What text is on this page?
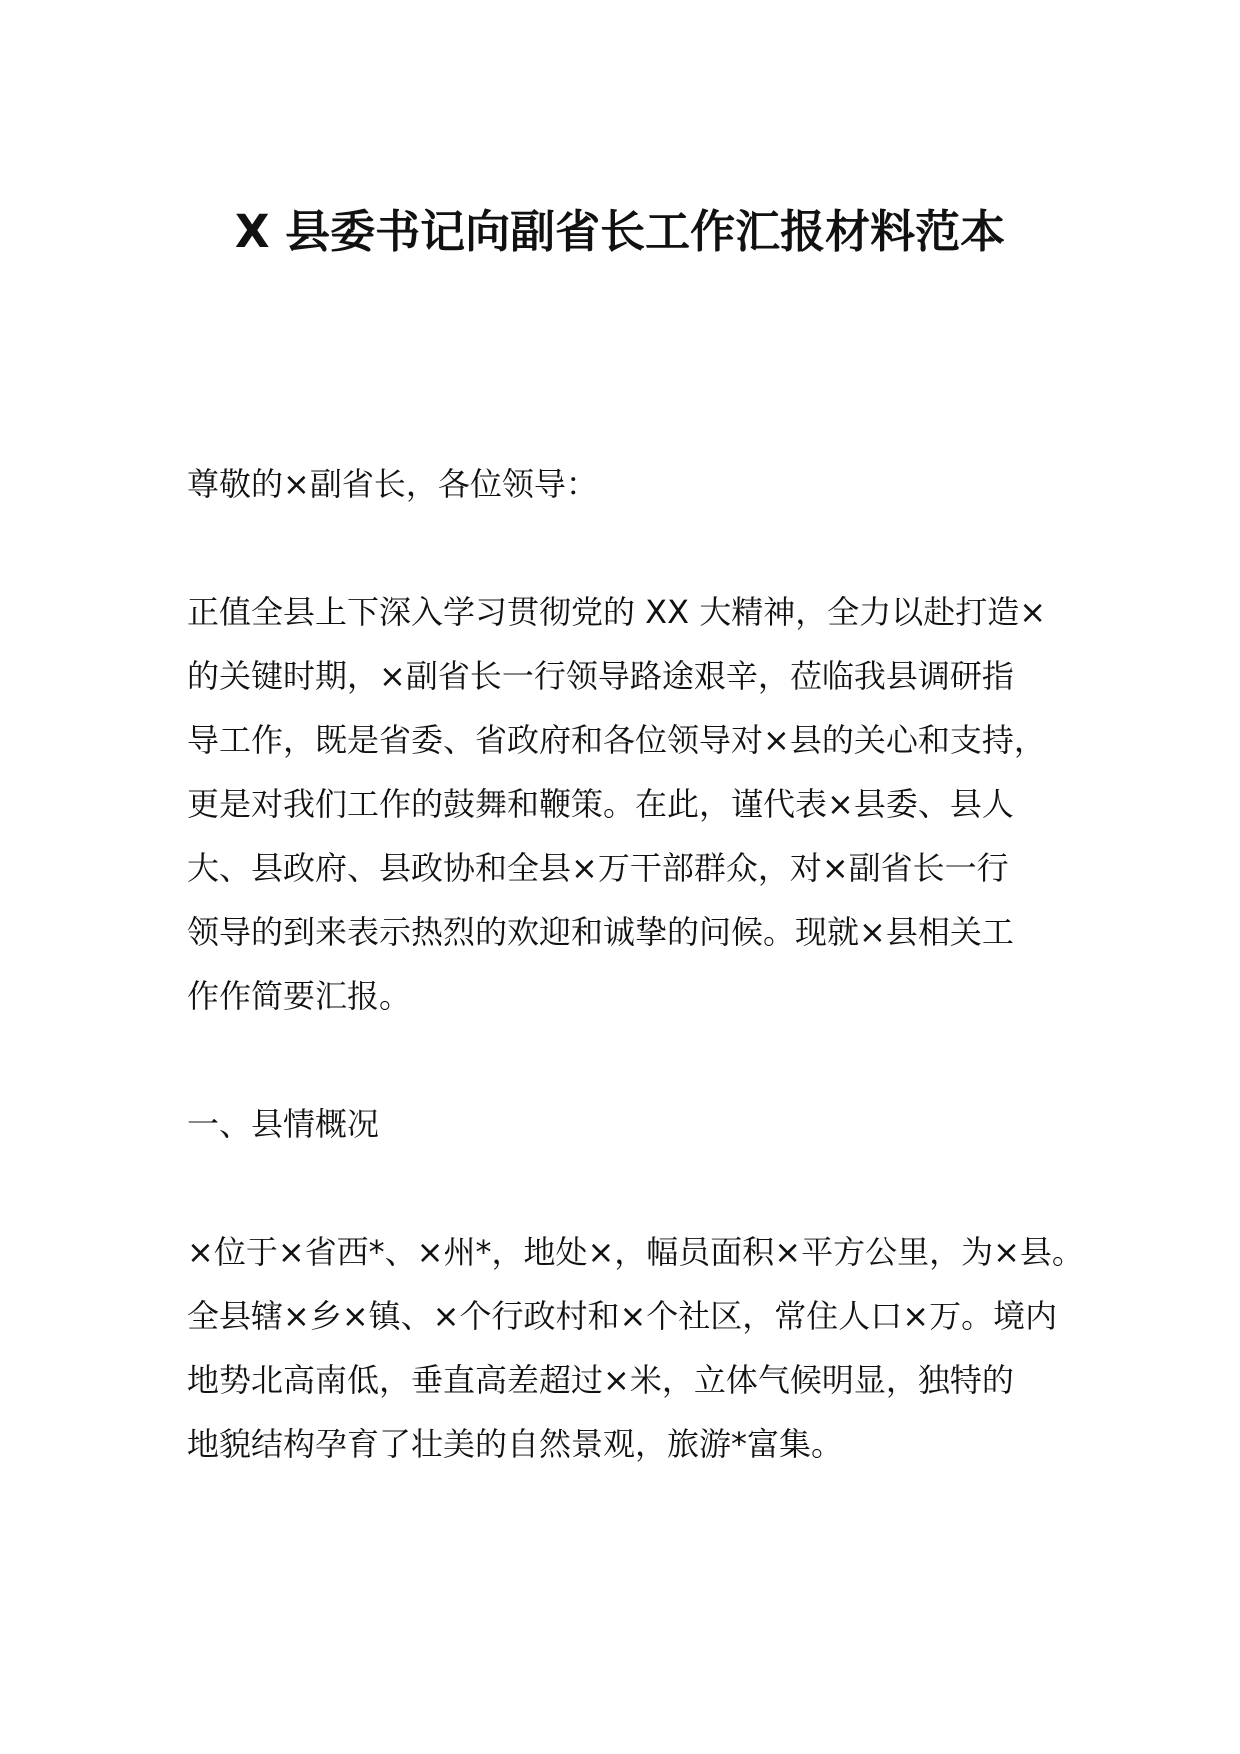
X 县委书记向副省长工作汇报材料范本
尊敬的×副省长，各位领导：
正值全县上下深入学习贯彻党的 XX 大精神，全力以赴打造×
的关键时期，×副省长一行领导路途艰辛，莅临我县调研指
导工作，既是省委、省政府和各位领导对×县的关心和支持，
更是对我们工作的鼓舞和鞭策。在此，谨代表×县委、县人
大、县政府、县政协和全县×万干部群众，对×副省长一行
领导的到来表示热烈的欢迎和诚挚的问候。现就×县相关工
作作简要汇报。
一、县情概况
×位于×省西*、×州*，地处×，幅员面积×平方公里，为×县。
全县辖×乡×镇、×个行政村和×个社区，常住人口×万。境内
地势北高南低，垂直高差超过×米，立体气候明显，独特的
地貌结构孕育了壮美的自然景观，旅游*富集。
